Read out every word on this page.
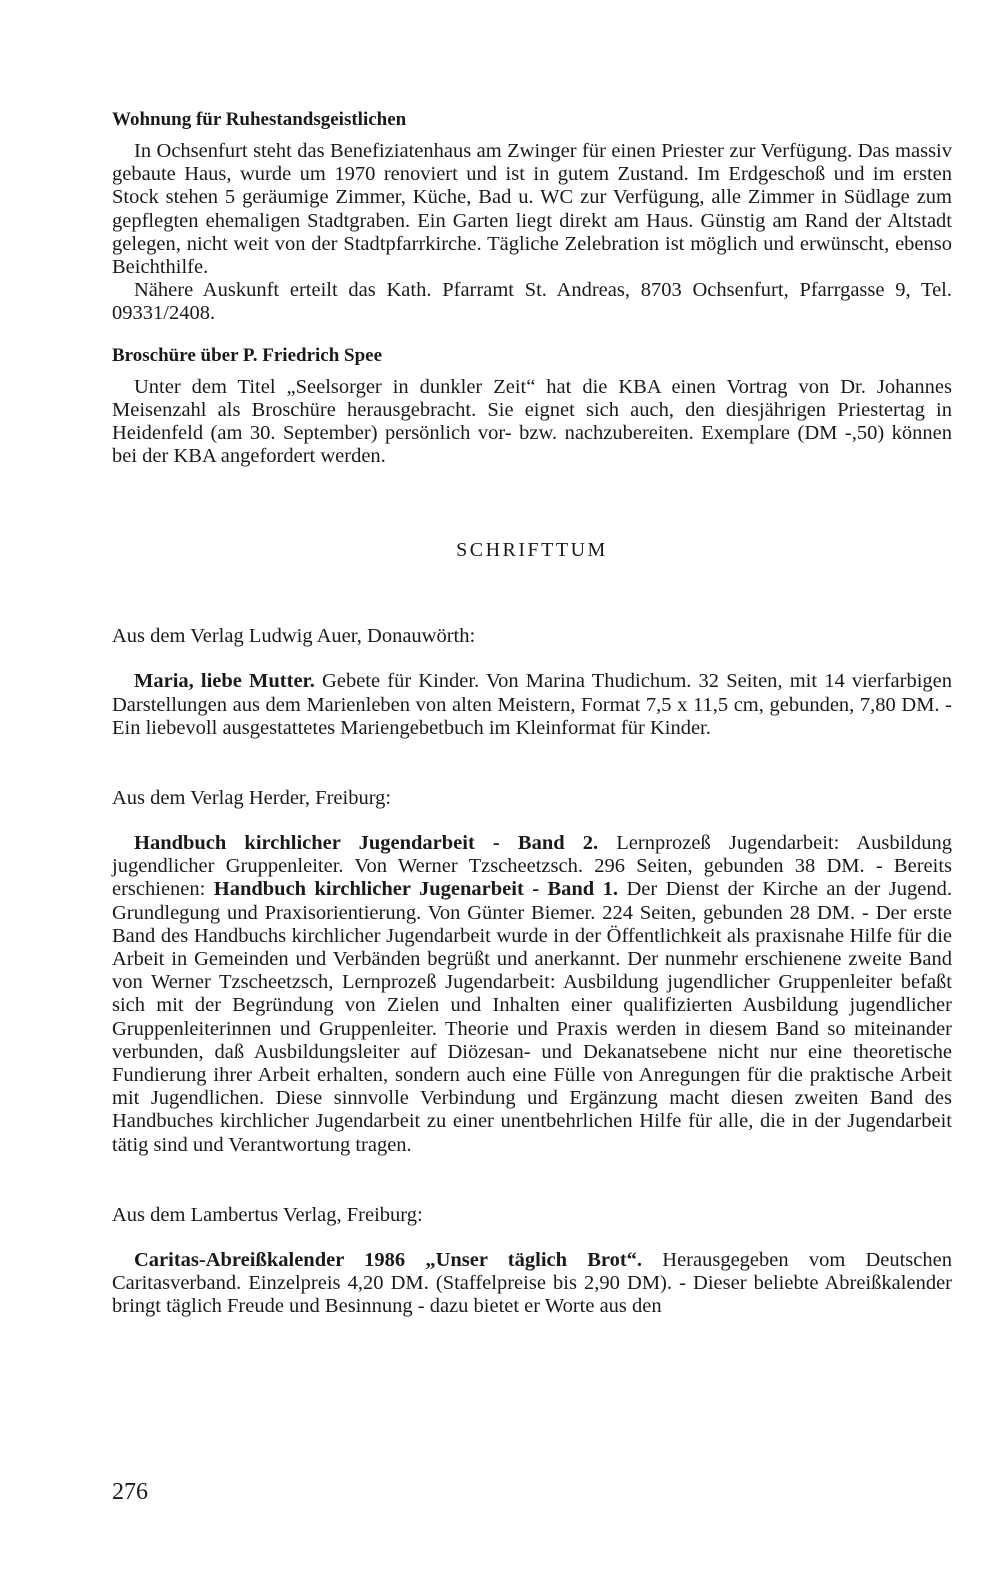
Wohnung für Ruhestandsgeistlichen

In Ochsenfurt steht das Benefiziatenhaus am Zwinger für einen Priester zur Verfügung. Das massiv gebaute Haus, wurde um 1970 renoviert und ist in gutem Zustand. Im Erdgeschoß und im ersten Stock stehen 5 geräumige Zimmer, Küche, Bad u. WC zur Verfügung, alle Zimmer in Südlage zum gepflegten ehemaligen Stadtgraben. Ein Garten liegt direkt am Haus. Günstig am Rand der Altstadt gelegen, nicht weit von der Stadtpfarrkirche. Tägliche Zelebration ist möglich und erwünscht, ebenso Beichthilfe.

Nähere Auskunft erteilt das Kath. Pfarramt St. Andreas, 8703 Ochsenfurt, Pfarrgasse 9, Tel. 09331/2408.

Broschüre über P. Friedrich Spee

Unter dem Titel „Seelsorger in dunkler Zeit“ hat die KBA einen Vortrag von Dr. Johannes Meisenzahl als Broschüre herausgebracht. Sie eignet sich auch, den diesjährigen Priestertag in Heidenfeld (am 30. September) persönlich vor- bzw. nachzubereiten. Exemplare (DM -,50) können bei der KBA angefordert werden.

SCHRIFTTUM
Aus dem Verlag Ludwig Auer, Donauwörth:

Maria, liebe Mutter. Gebete für Kinder. Von Marina Thudichum. 32 Seiten, mit 14 vierfarbigen Darstellungen aus dem Marienleben von alten Meistern, Format 7,5 x 11,5 cm, gebunden, 7,80 DM. -Ein liebevoll ausgestattetes Mariengebetbuch im Kleinformat für Kinder.

Aus dem Verlag Herder, Freiburg:

Handbuch kirchlicher Jugendarbeit - Band 2. Lernprozeß Jugendarbeit: Ausbildung jugendlicher Gruppenleiter. Von Werner Tzscheetzsch. 296 Seiten, gebunden 38 DM. - Bereits erschienen: Handbuch kirchlicher Jugenarbeit - Band 1. Der Dienst der Kirche an der Jugend. Grundlegung und Praxisorientierung. Von Günter Biemer. 224 Seiten, gebunden 28 DM. - Der erste Band des Handbuchs kirchlicher Jugendarbeit wurde in der Öffentlichkeit als praxisnahe Hilfe für die Arbeit in Gemeinden und Verbänden begrüßt und anerkannt. Der nunmehr erschienene zweite Band von Werner Tzscheetzsch, Lernprozeß Jugendarbeit: Ausbildung jugendlicher Gruppenleiter befaßt sich mit der Begründung von Zielen und Inhalten einer qualifizierten Ausbildung jugendlicher Gruppenleiterinnen und Gruppenleiter. Theorie und Praxis werden in diesem Band so miteinander verbunden, daß Ausbildungsleiter auf Diözesan- und Dekanatsebene nicht nur eine theoretische Fundierung ihrer Arbeit erhalten, sondern auch eine Fülle von Anregungen für die praktische Arbeit mit Jugendlichen. Diese sinnvolle Verbindung und Ergänzung macht diesen zweiten Band des Handbuches kirchlicher Jugendarbeit zu einer unentbehrlichen Hilfe für alle, die in der Jugendarbeit tätig sind und Verantwortung tragen.

Aus dem Lambertus Verlag, Freiburg:

Caritas-Abreißkalender 1986 „Unser täglich Brot“. Herausgegeben vom Deutschen Caritasverband. Einzelpreis 4,20 DM. (Staffelpreise bis 2,90 DM). - Dieser beliebte Abreißkalender bringt täglich Freude und Besinnung - dazu bietet er Worte aus den

276
